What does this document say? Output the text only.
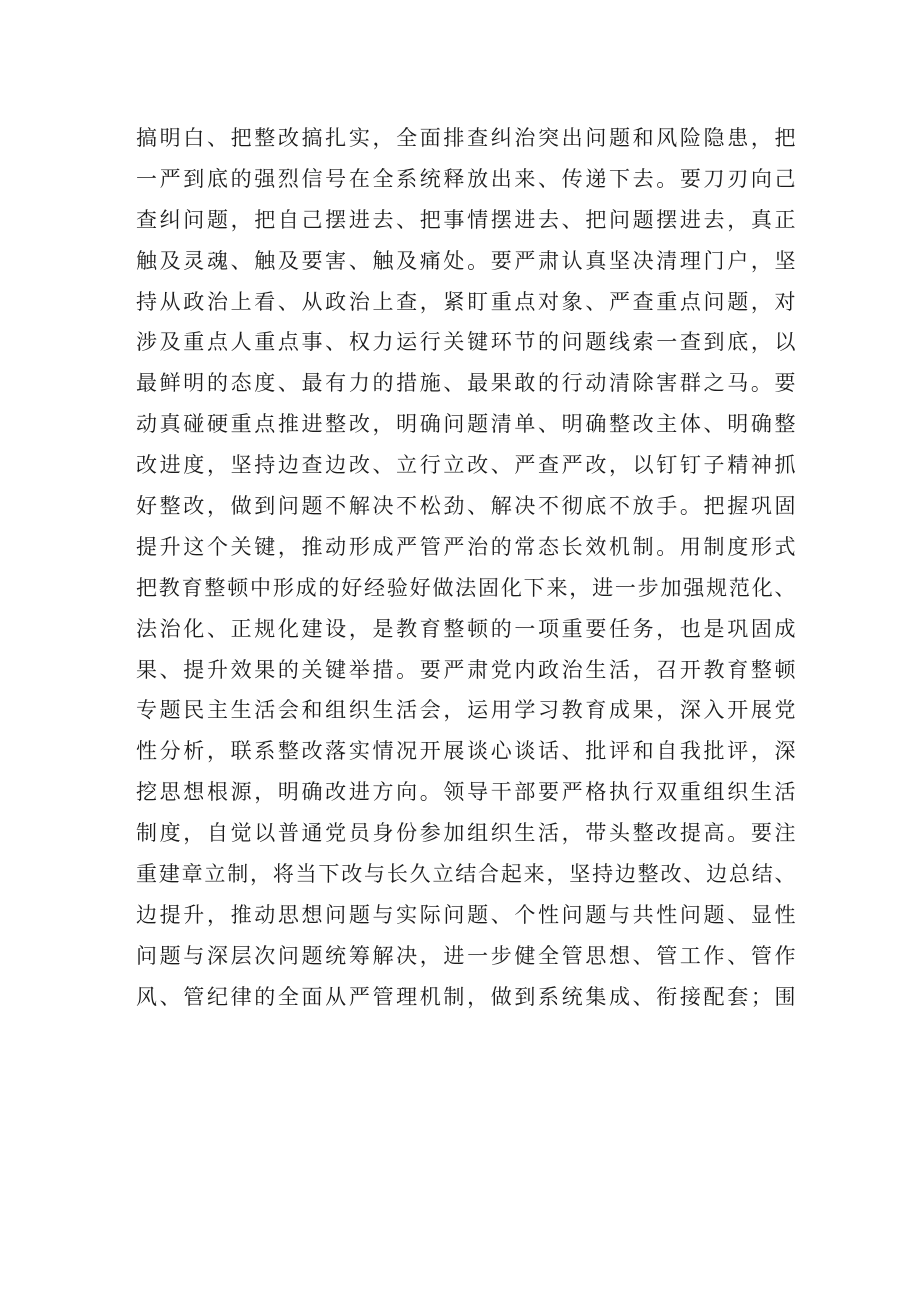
搞明白、把整改搞扎实，全面排查纠治突出问题和风险隐患，把
一严到底的强烈信号在全系统释放出来、传递下去。要刀刃向己
查纠问题，把自己摆进去、把事情摆进去、把问题摆进去，真正
触及灵魂、触及要害、触及痛处。要严肃认真坚决清理门户，坚
持从政治上看、从政治上查，紧盯重点对象、严查重点问题，对
涉及重点人重点事、权力运行关键环节的问题线索一查到底，以
最鲜明的态度、最有力的措施、最果敢的行动清除害群之马。要
动真碰硬重点推进整改，明确问题清单、明确整改主体、明确整
改进度，坚持边查边改、立行立改、严查严改，以钉钉子精神抓
好整改，做到问题不解决不松劲、解决不彻底不放手。把握巩固
提升这个关键，推动形成严管严治的常态长效机制。用制度形式
把教育整顿中形成的好经验好做法固化下来，进一步加强规范化、
法治化、正规化建设，是教育整顿的一项重要任务，也是巩固成
果、提升效果的关键举措。要严肃党内政治生活，召开教育整顿
专题民主生活会和组织生活会，运用学习教育成果，深入开展党
性分析，联系整改落实情况开展谈心谈话、批评和自我批评，深
挖思想根源，明确改进方向。领导干部要严格执行双重组织生活
制度，自觉以普通党员身份参加组织生活，带头整改提高。要注
重建章立制，将当下改与长久立结合起来，坚持边整改、边总结、
边提升，推动思想问题与实际问题、个性问题与共性问题、显性
问题与深层次问题统筹解决，进一步健全管思想、管工作、管作
风、管纪律的全面从严管理机制，做到系统集成、衔接配套；围
